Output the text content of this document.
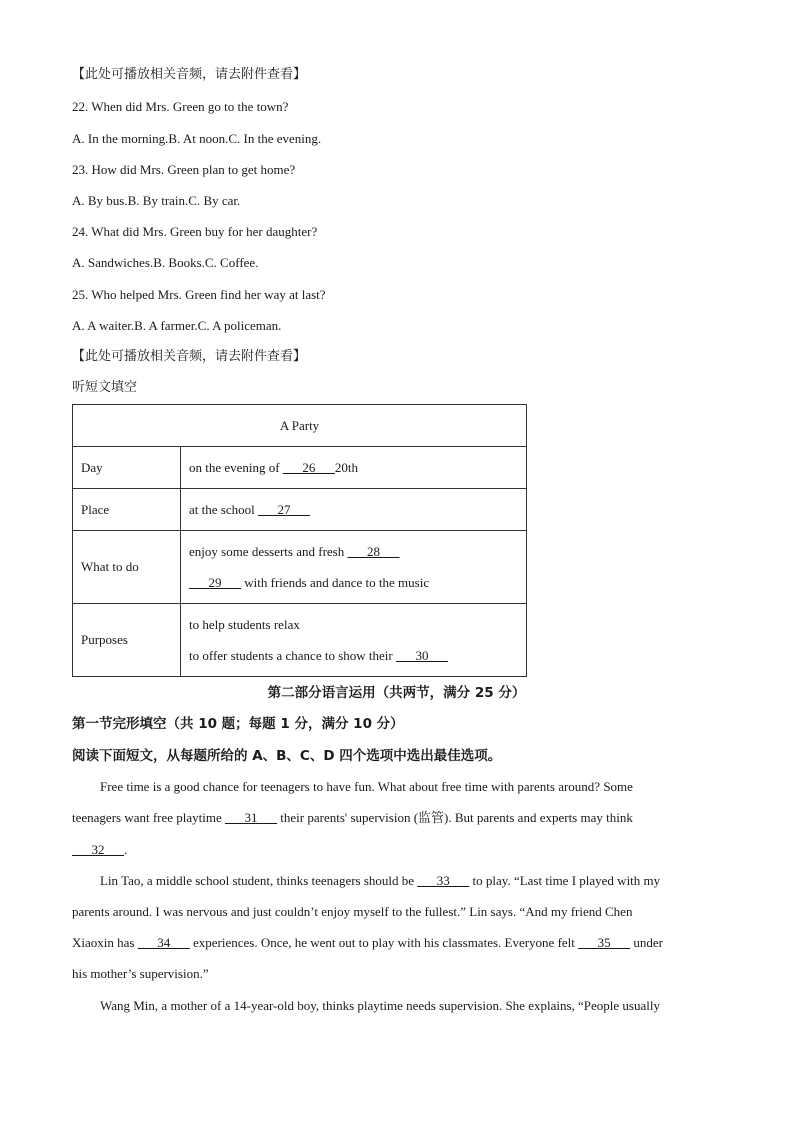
【此处可播放相关音频，请去附件查看】
22. When did Mrs. Green go to the town?
A. In the morning.B. At noon.C. In the evening.
23. How did Mrs. Green plan to get home?
A. By bus.B. By train.C. By car.
24. What did Mrs. Green buy for her daughter?
A. Sandwiches.B. Books.C. Coffee.
25. Who helped Mrs. Green find her way at last?
A. A waiter.B. A farmer.C. A policeman.
【此处可播放相关音频，请去附件查看】
听短文填空
A Party	
Day	on the evening of ___26___20th
Place	at the school ___27___
What to do	enjoy some desserts and fresh ___28___
___29___ with friends and dance to the music

Purposes	to help students relax
to offer students a chance to show their ___30___
第二部分语言运用（共两节，满分 25 分）
第一节完形填空（共 10 题；每题 1 分，满分 10 分）
阅读下面短文，从每题所给的 A、B、C、D 四个选项中选出最佳选项。
Free time is a good chance for teenagers to have fun. What about free time with parents around? Some
teenagers want free playtime ___31___ their parents' supervision (监管). But parents and experts may think
___32___.
Lin Tao, a middle school student, thinks teenagers should be ___33___ to play. “Last time I played with my
parents around. I was nervous and just couldn’t enjoy myself to the fullest.” Lin says. “And my friend Chen
Xiaoxin has ___34___ experiences. Once, he went out to play with his classmates. Everyone felt ___35___ under
his mother’s supervision.”
Wang Min, a mother of a 14-year-old boy, thinks playtime needs supervision. She explains, “People usually
